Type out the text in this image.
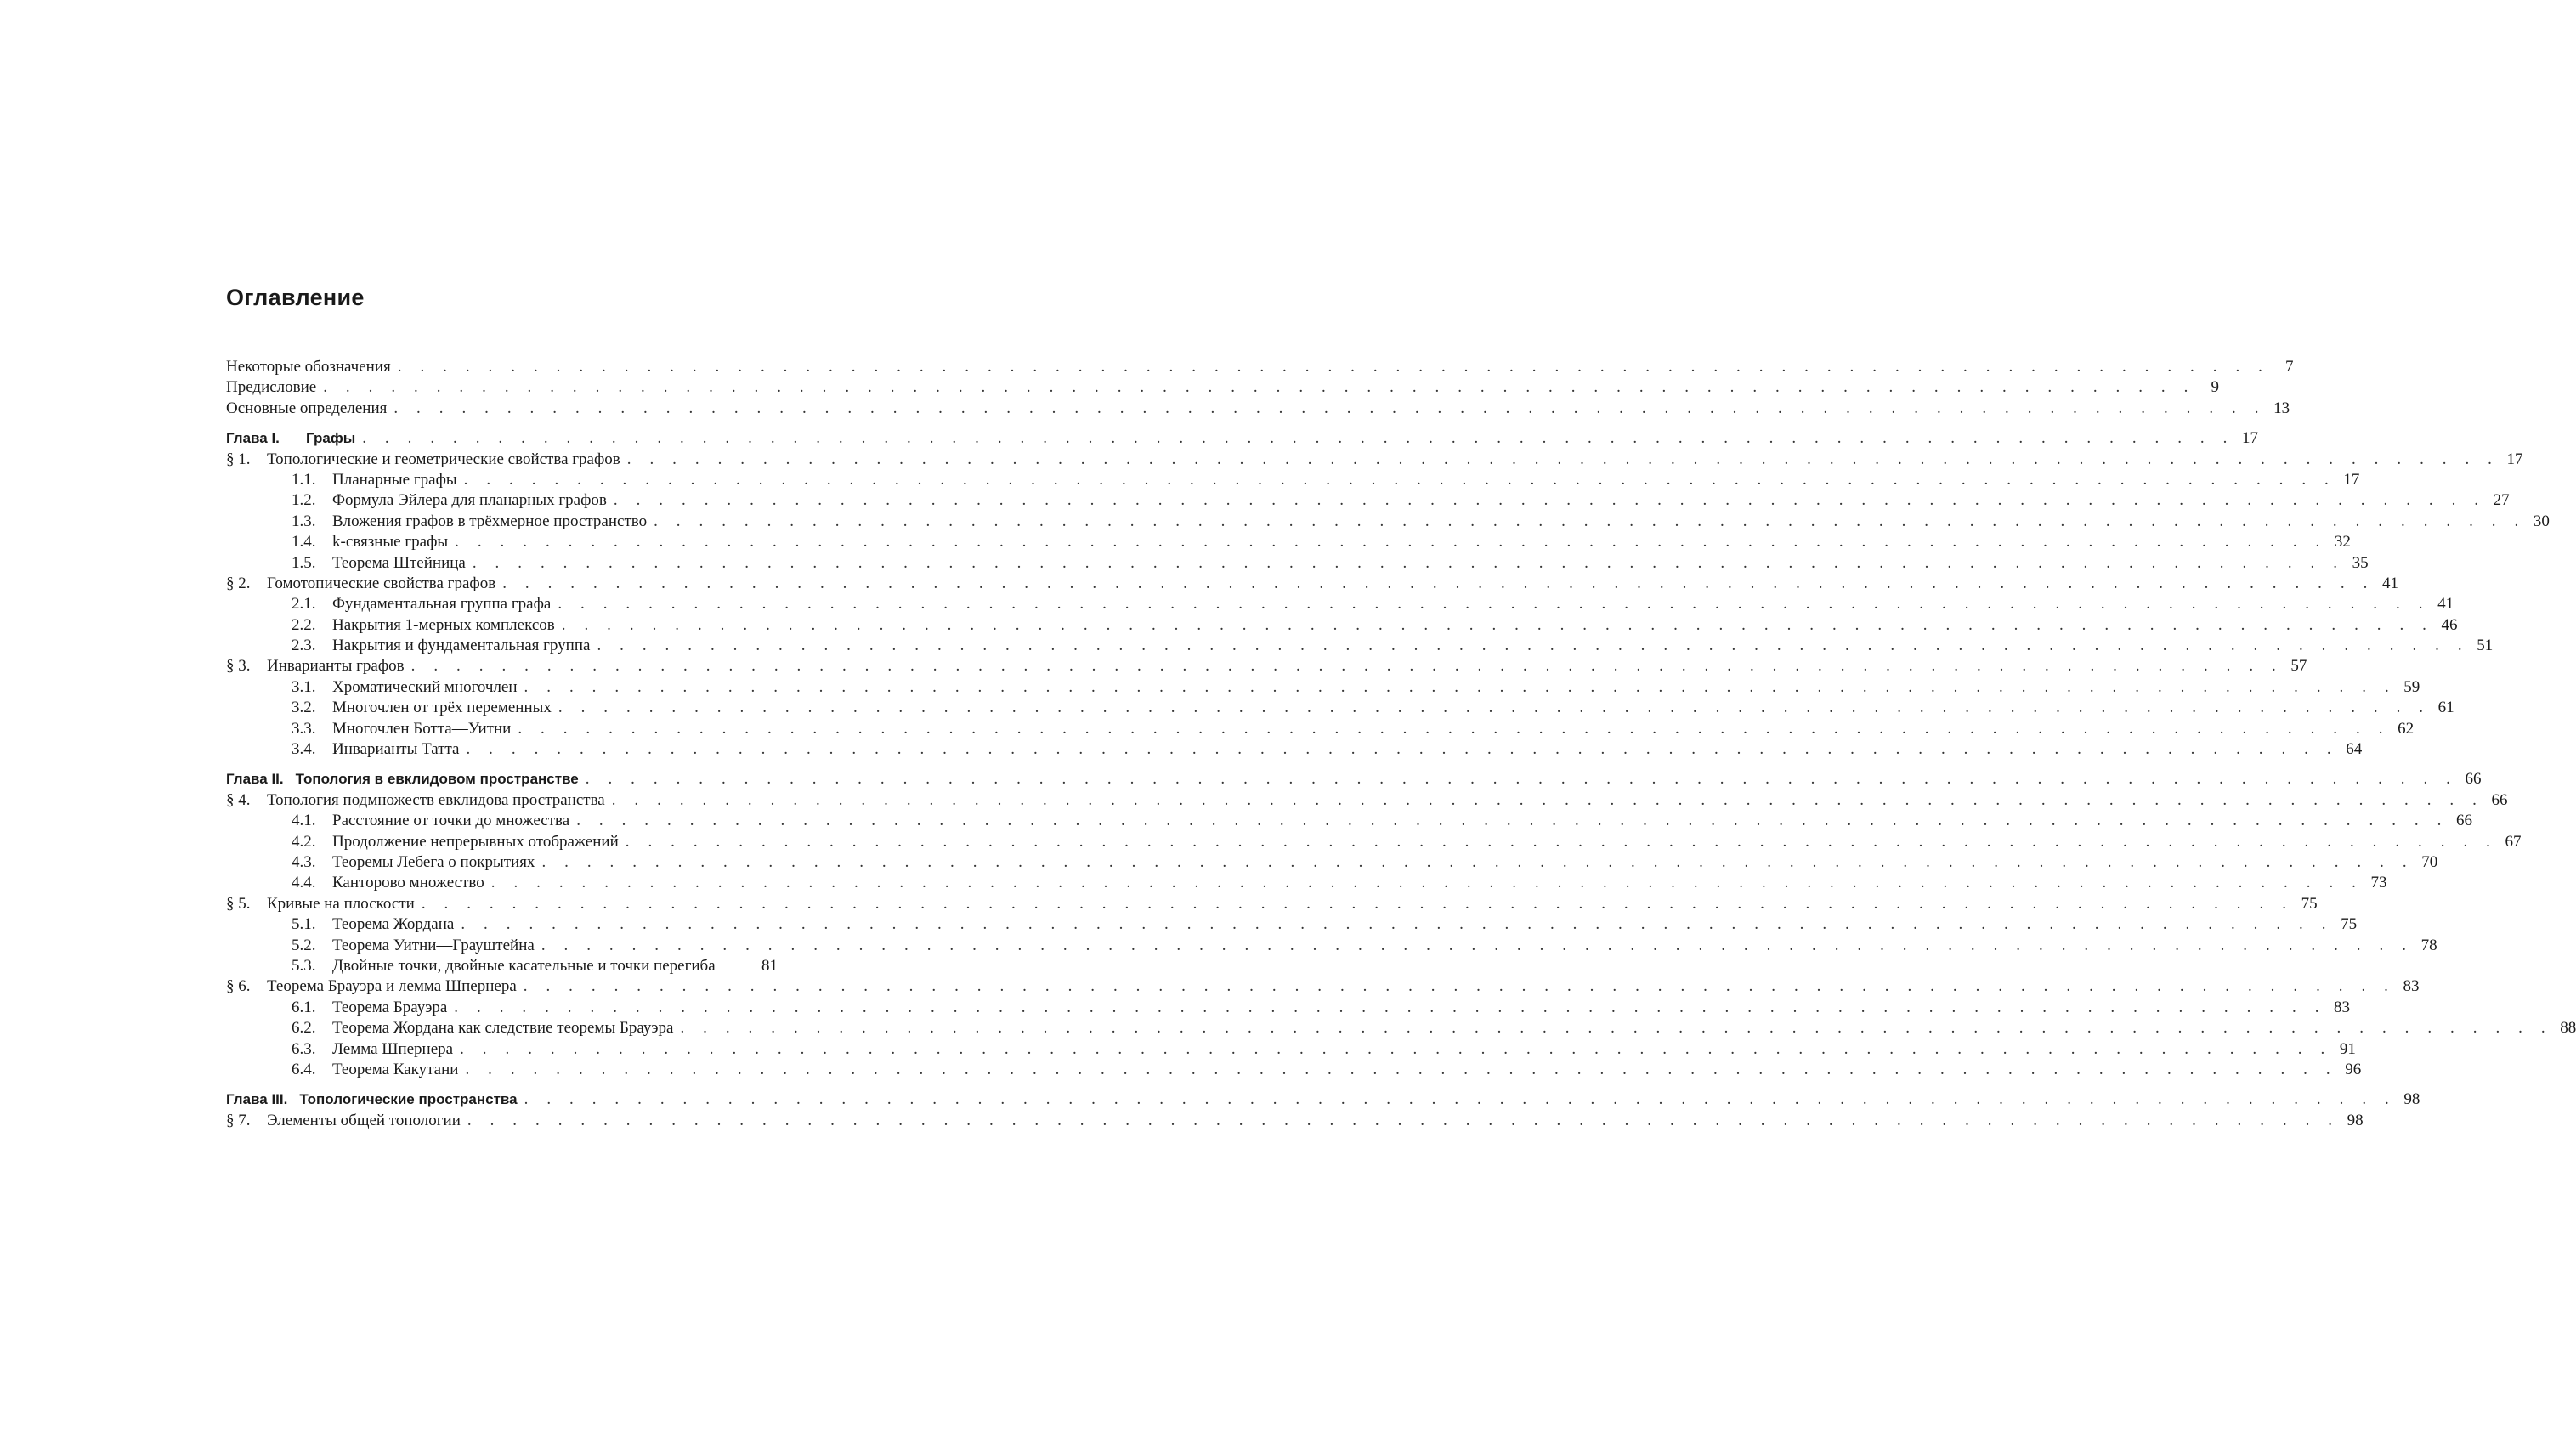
Оглавление
Некоторые обозначения
. . .	7
Предисловие
. . .	9
Основные определения
. . .	13
Глава I.	Графы
. . .	17
§ 1.	Топологические и геометрические свойства графов
. . .	17
1.1.	Планарные графы
. . .	17
1.2.	Формула Эйлера для планарных графов
. . .	27
1.3.	Вложения графов в трёхмерное пространство
. . .	30
1.4.	k-связные графы
. . .	32
1.5.	Теорема Штейница
. . .	35
§ 2.	Гомотопические свойства графов
. . .	41
2.1.	Фундаментальная группа графа
. . .	41
2.2.	Накрытия 1-мерных комплексов
. . .	46
2.3.	Накрытия и фундаментальная группа
. . .	51
§ 3.	Инварианты графов
. . .	57
3.1.	Хроматический многочлен
. . .	59
3.2.	Многочлен от трёх переменных
. . .	61
3.3.	Многочлен Ботта—Уитни
. . .	62
3.4.	Инварианты Татта
. . .	64
Глава II. Топология в евклидовом пространстве
. . .	66
§ 4.	Топология подмножеств евклидова пространства
. . .	66
4.1.	Расстояние от точки до множества
. . .	66
4.2.	Продолжение непрерывных отображений
. . .	67
4.3.	Теоремы Лебега о покрытиях
. . .	70
4.4.	Канторово множество
. . .	73
§ 5.	Кривые на плоскости
. . .	75
5.1.	Теорема Жордана
. . .	75
5.2.	Теорема Уитни—Грауштейна
. . .	78
5.3.	Двойные точки, двойные касательные и точки перегиба	81
§ 6.	Теорема Брауэра и лемма Шпернера
. . .	83
6.1.	Теорема Брауэра
. . .	83
6.2.	Теорема Жордана как следствие теоремы Брауэра
. . .	88
6.3.	Лемма Шпернера
. . .	91
6.4.	Теорема Какутани
. . .	96
Глава III. Топологические пространства
. . .	98
§ 7.	Элементы общей топологии
. . .	98
